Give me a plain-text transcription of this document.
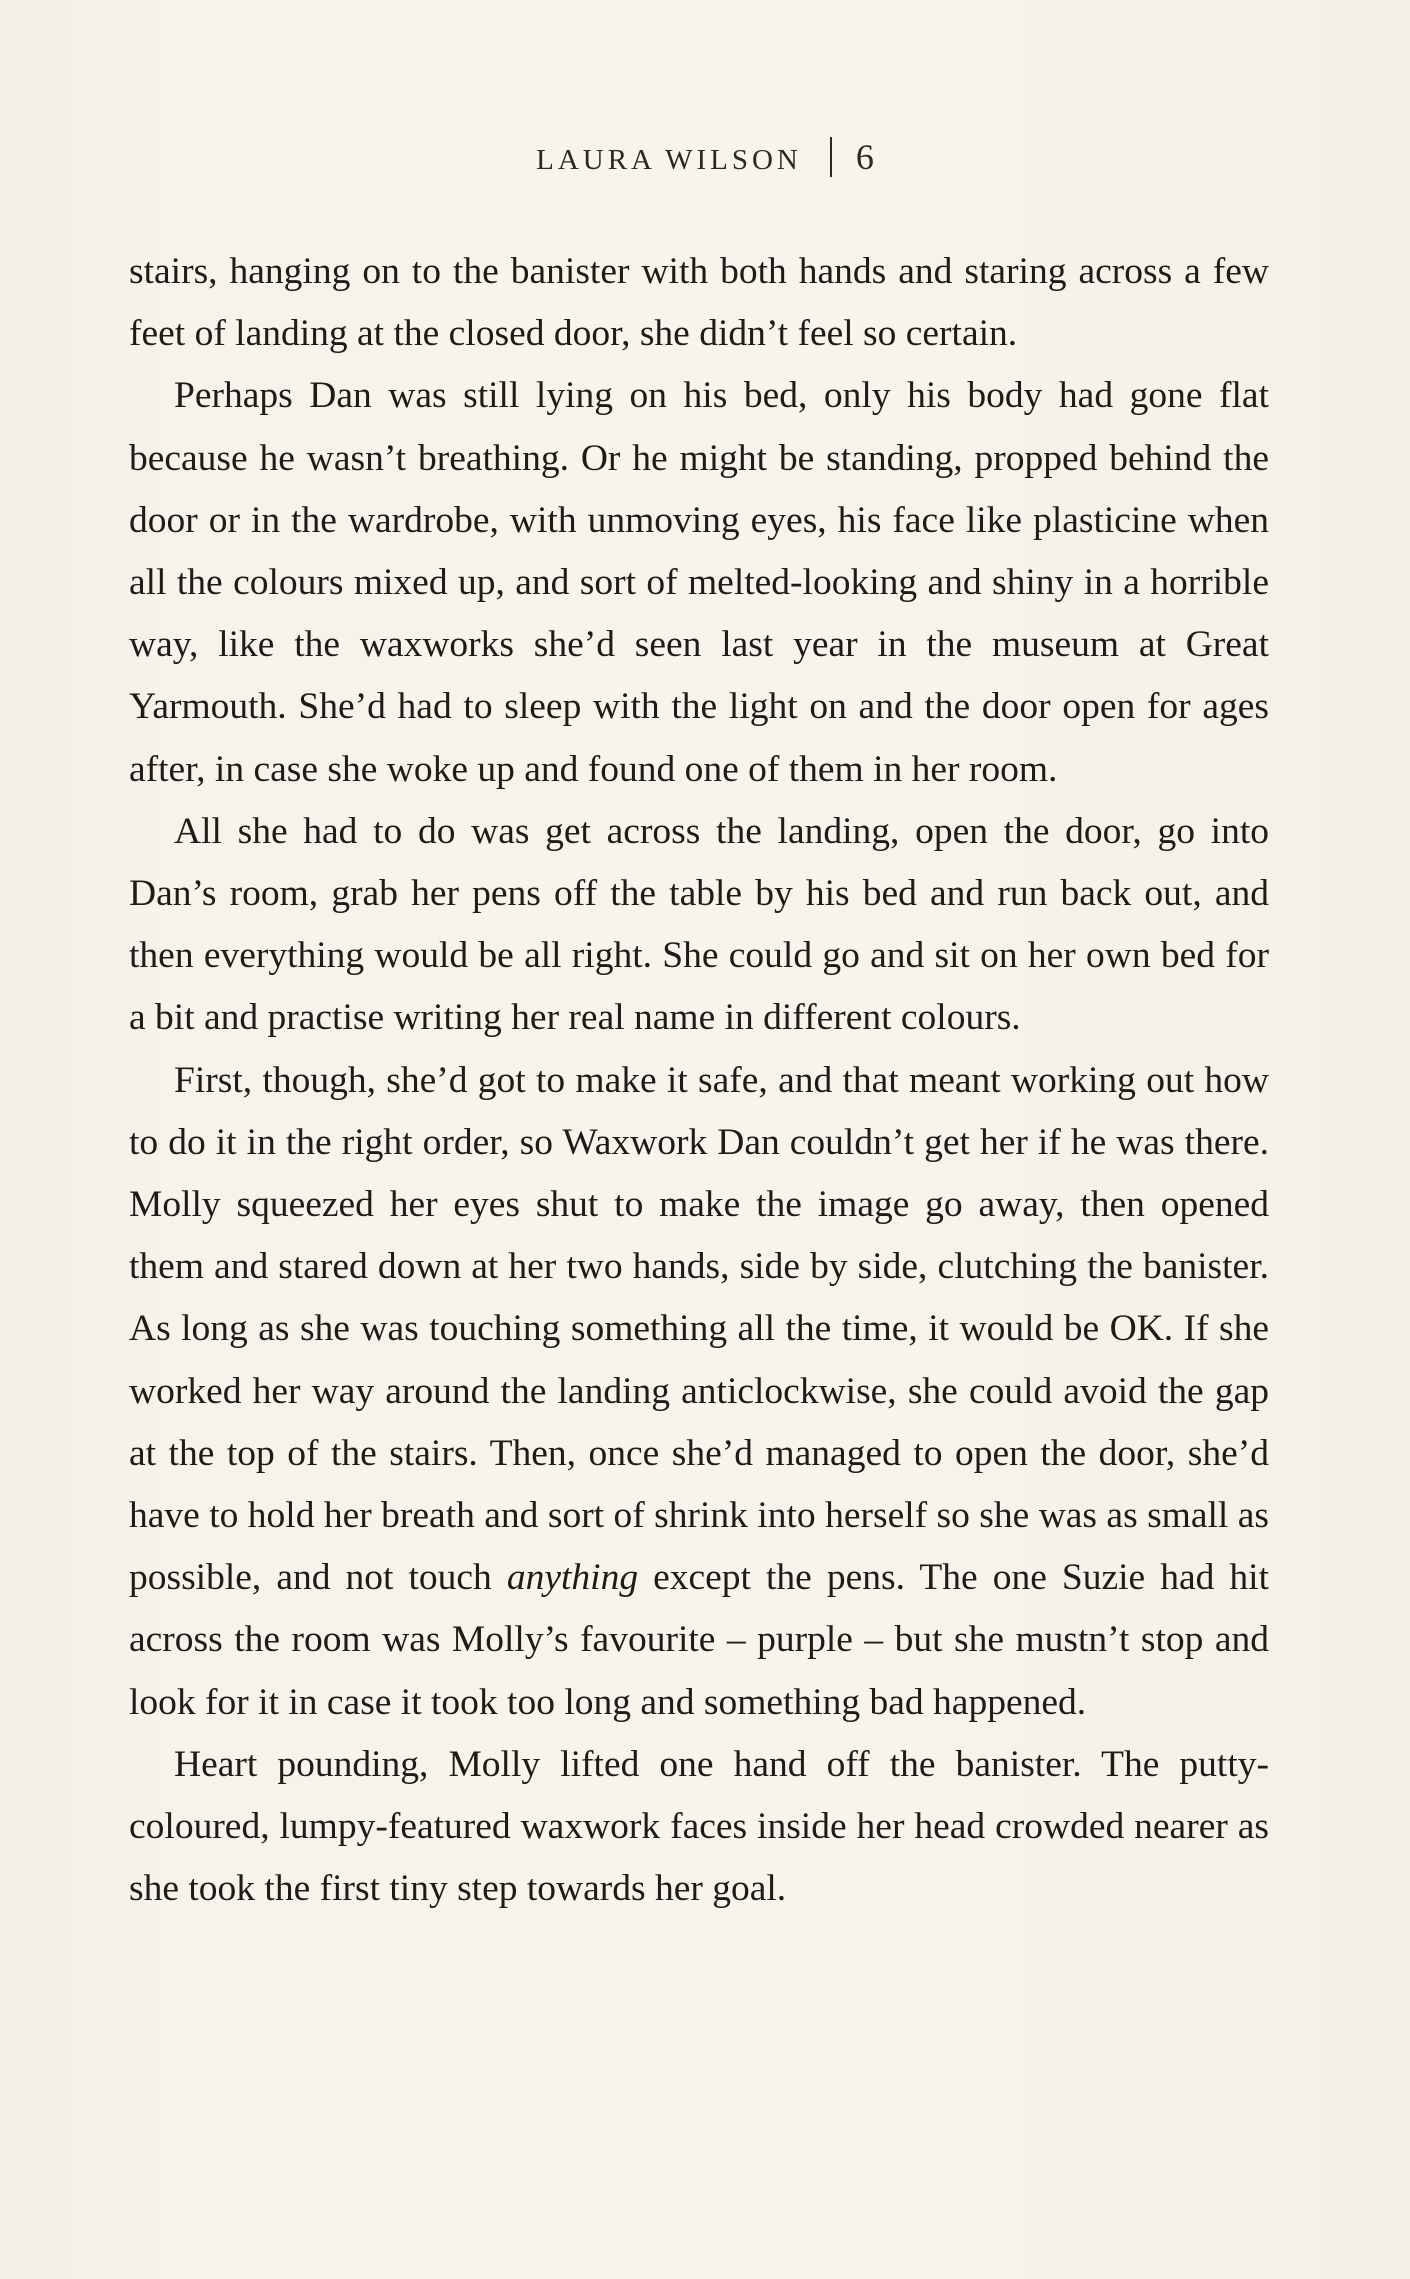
LAURA WILSON 6

stairs, hanging on to the banister with both hands and staring across a few feet of landing at the closed door, she didn’t feel so certain.

Perhaps Dan was still lying on his bed, only his body had gone flat because he wasn’t breathing. Or he might be standing, propped behind the door or in the wardrobe, with unmoving eyes, his face like plasticine when all the colours mixed up, and sort of melted-looking and shiny in a horrible way, like the waxworks she’d seen last year in the museum at Great Yarmouth. She’d had to sleep with the light on and the door open for ages after, in case she woke up and found one of them in her room.

All she had to do was get across the landing, open the door, go into Dan’s room, grab her pens off the table by his bed and run back out, and then everything would be all right. She could go and sit on her own bed for a bit and practise writing her real name in different colours.

First, though, she’d got to make it safe, and that meant working out how to do it in the right order, so Waxwork Dan couldn’t get her if he was there. Molly squeezed her eyes shut to make the image go away, then opened them and stared down at her two hands, side by side, clutching the banister. As long as she was touching something all the time, it would be OK. If she worked her way around the landing anticlockwise, she could avoid the gap at the top of the stairs. Then, once she’d managed to open the door, she’d have to hold her breath and sort of shrink into herself so she was as small as possible, and not touch anything except the pens. The one Suzie had hit across the room was Molly’s favourite – purple – but she mustn’t stop and look for it in case it took too long and something bad happened.

Heart pounding, Molly lifted one hand off the banister. The putty-coloured, lumpy-featured waxwork faces inside her head crowded nearer as she took the first tiny step towards her goal.
